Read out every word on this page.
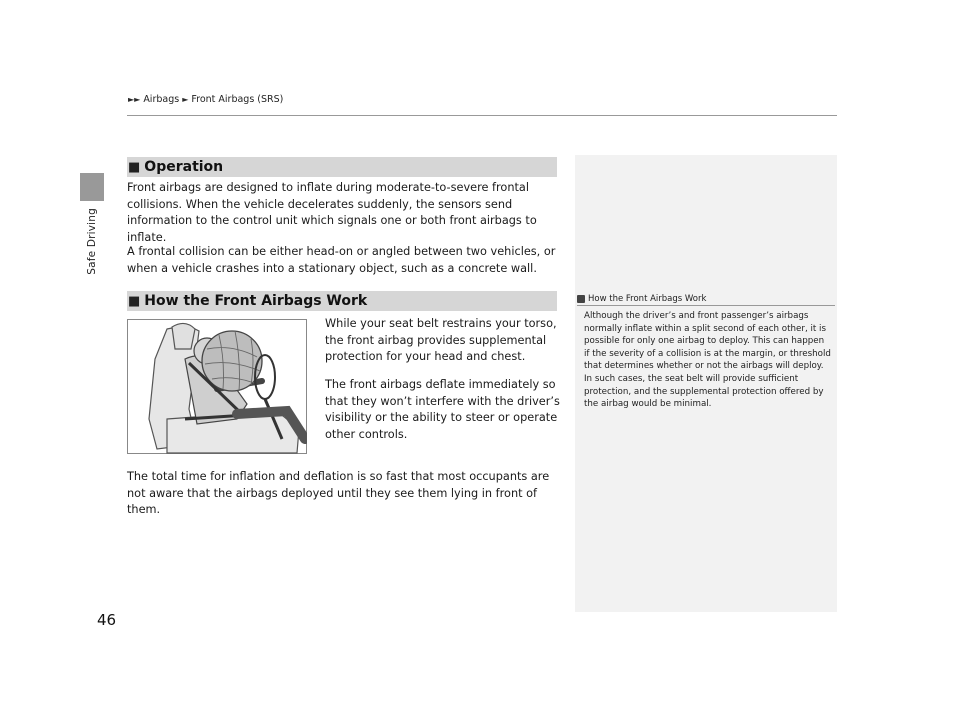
►► Airbags ► Front Airbags (SRS)
Safe Driving
■ Operation
Front airbags are designed to inflate during moderate-to-severe frontal collisions. When the vehicle decelerates suddenly, the sensors send information to the control unit which signals one or both front airbags to inflate.
A frontal collision can be either head-on or angled between two vehicles, or when a vehicle crashes into a stationary object, such as a concrete wall.
■ How the Front Airbags Work
While your seat belt restrains your torso, the front airbag provides supplemental protection for your head and chest.
The front airbags deflate immediately so that they won’t interfere with the driver’s visibility or the ability to steer or operate other controls.
The total time for inflation and deflation is so fast that most occupants are not aware that the airbags deployed until they see them lying in front of them.
How the Front Airbags Work
Although the driver’s and front passenger’s airbags normally inflate within a split second of each other, it is possible for only one airbag to deploy. This can happen if the severity of a collision is at the margin, or threshold that determines whether or not the airbags will deploy. In such cases, the seat belt will provide sufficient protection, and the supplemental protection offered by the airbag would be minimal.
46
